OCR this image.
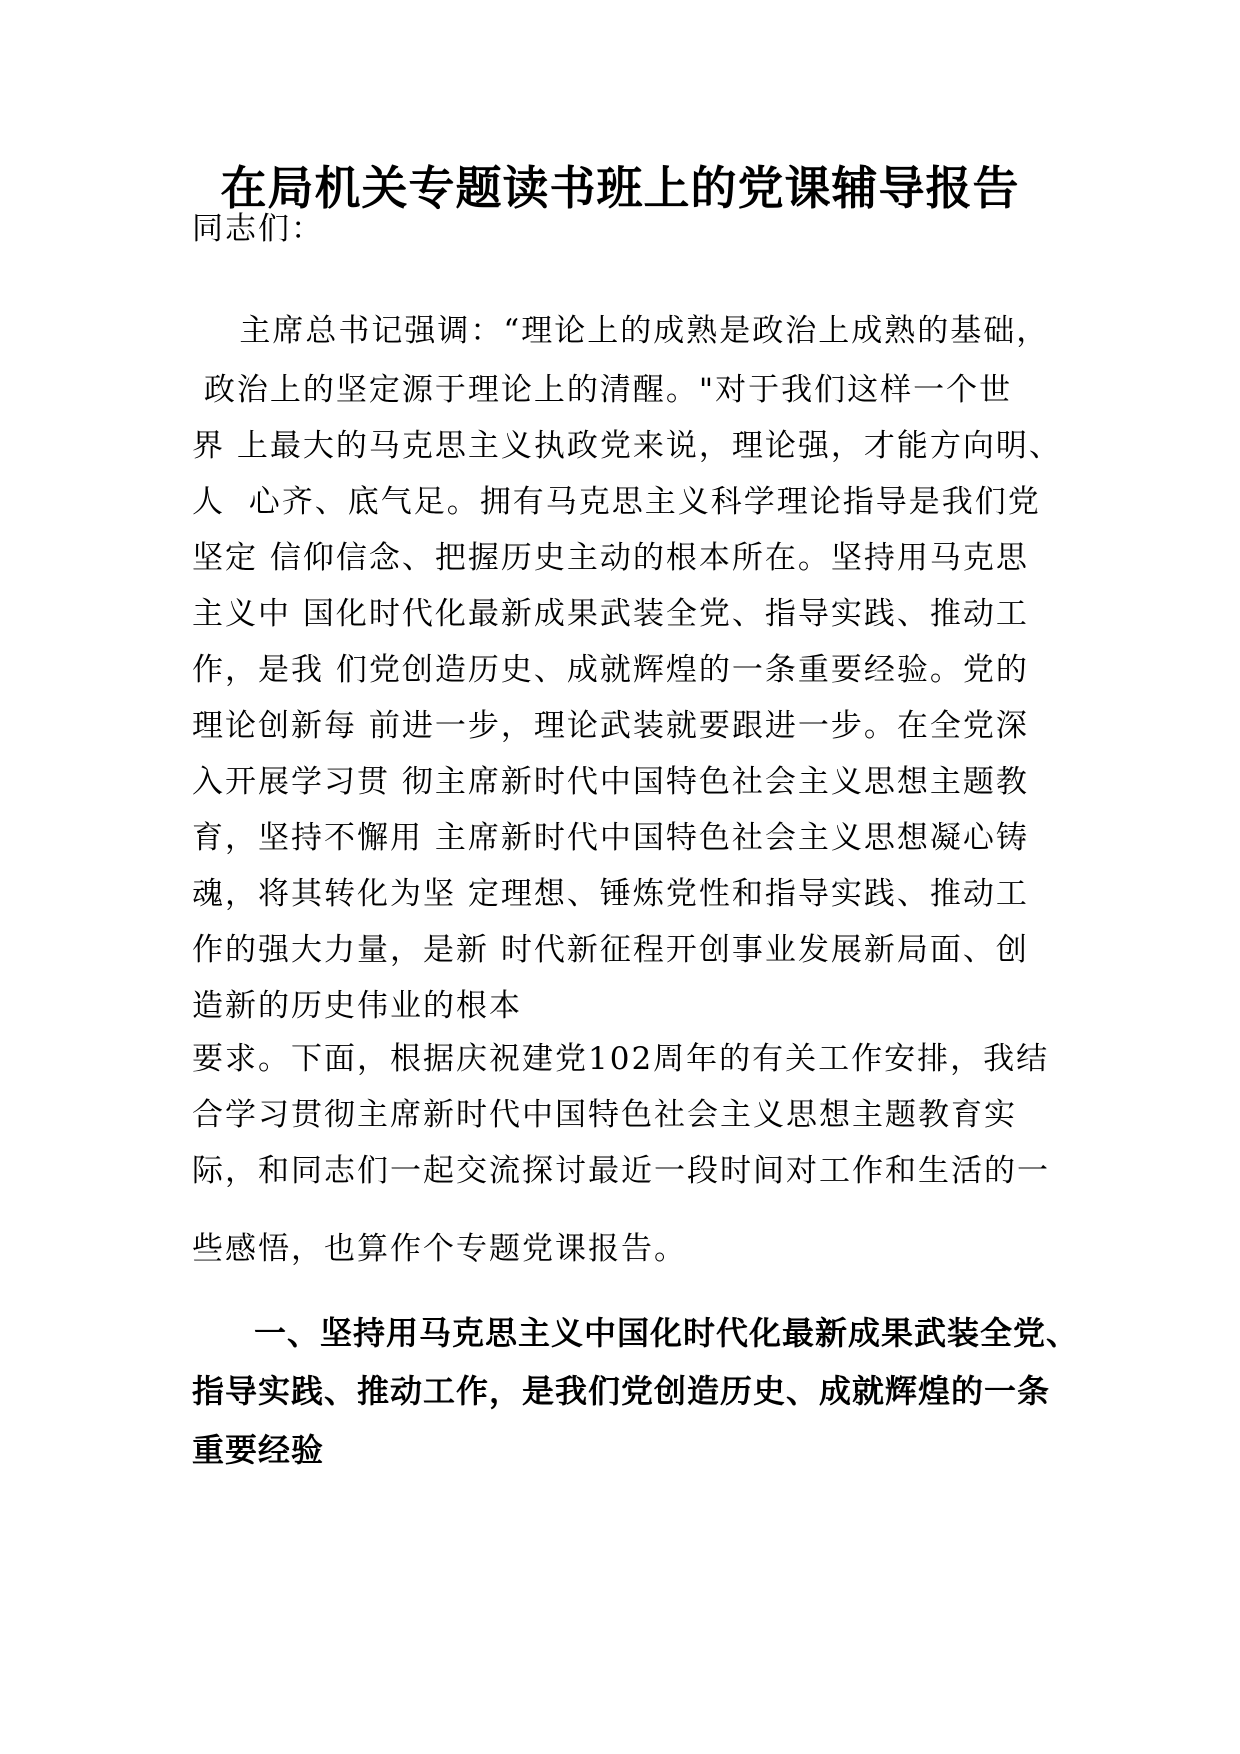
在局机关专题读书班上的党课辅导报告

同志们：

主席总书记强调：“理论上的成熟是政治上成熟的基础，

政治上的坚定源于理论上的清醒。"对于我们这样一个世

界 上最大的马克思主义执政党来说，理论强，才能方向明、

人  心齐、底气足。拥有马克思主义科学理论指导是我们党

坚定 信仰信念、把握历史主动的根本所在。坚持用马克思

主义中 国化时代化最新成果武装全党、指导实践、推动工

作，是我 们党创造历史、成就辉煌的一条重要经验。党的

理论创新每 前进一步，理论武装就要跟进一步。在全党深

入开展学习贯 彻主席新时代中国特色社会主义思想主题教

育，坚持不懈用 主席新时代中国特色社会主义思想凝心铸

魂，将其转化为坚 定理想、锤炼党性和指导实践、推动工

作的强大力量，是新 时代新征程开创事业发展新局面、创

造新的历史伟业的根本

要求。下面，根据庆祝建党102周年的有关工作安排，我结

合学习贯彻主席新时代中国特色社会主义思想主题教育实

际，和同志们一起交流探讨最近一段时间对工作和生活的一

些感悟，也算作个专题党课报告。

一、坚持用马克思主义中国化时代化最新成果武装全党、

指导实践、推动工作，是我们党创造历史、成就辉煌的一条

重要经验
